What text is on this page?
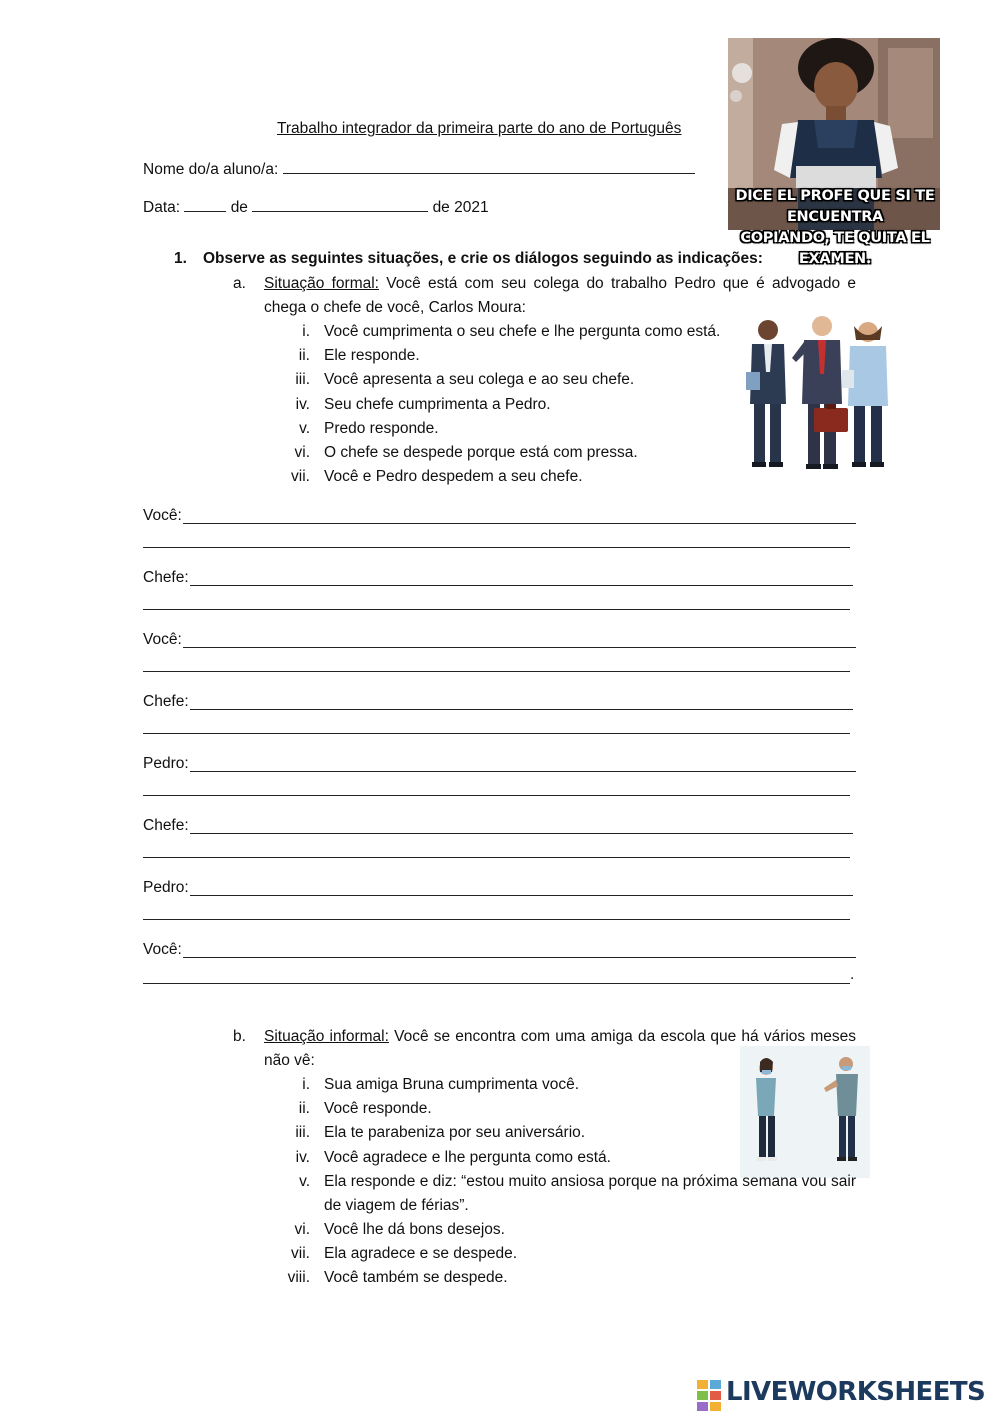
DICE EL PROFE QUE SI TE ENCUENTRA
COPIANDO, TE QUITA EL EXAMEN.
Trabalho integrador da primeira parte do ano de Português
Nome do/a aluno/a:
Data:	de	de 2021
1. Observe as seguintes situações, e crie os diálogos seguindo as indicações:
a. Situação formal: Você está com seu colega do trabalho Pedro que é advogado e chega o chefe de você, Carlos Moura:
i. Você cumprimenta o seu chefe e lhe pergunta como está.
ii. Ele responde.
iii. Você apresenta a seu colega e ao seu chefe.
iv. Seu chefe cumprimenta a Pedro.
v. Predo responde.
vi. O chefe se despede porque está com pressa.
vii. Você e Pedro despedem a seu chefe.
Você:
Chefe:
Você:
Chefe:
Pedro:
Chefe:
Pedro:
Você:
.
b. Situação informal: Você se encontra com uma amiga da escola que há vários meses não vê:
i. Sua amiga Bruna cumprimenta você.
ii. Você responde.
iii. Ela te parabeniza por seu aniversário.
iv. Você agradece e lhe pergunta como está.
v. Ela responde e diz: “estou muito ansiosa porque na próxima semana vou sair de viagem de férias”.
vi. Você lhe dá bons desejos.
vii. Ela agradece e se despede.
viii. Você também se despede.
LIVEWORKSHEETS
